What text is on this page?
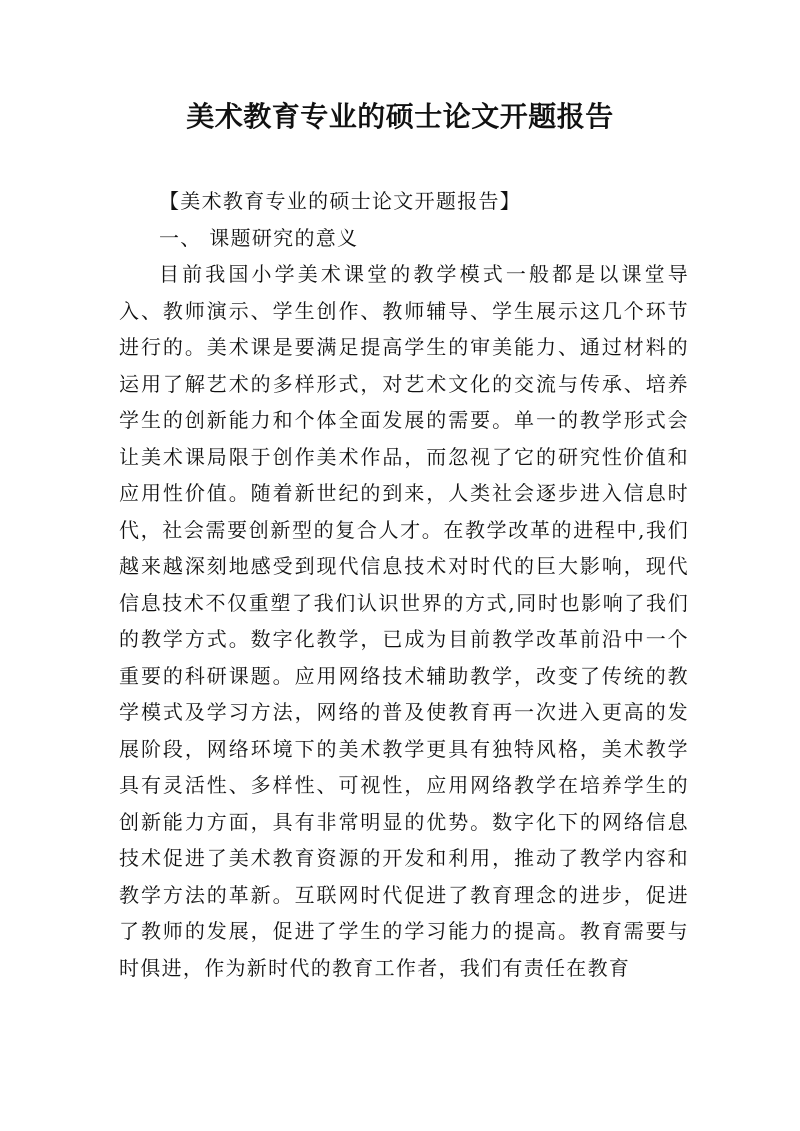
美术教育专业的硕士论文开题报告

【美术教育专业的硕士论文开题报告】

一、 课题研究的意义

目前我国小学美术课堂的教学模式一般都是以课堂导入、教师演示、学生创作、教师辅导、学生展示这几个环节进行的。美术课是要满足提高学生的审美能力、通过材料的运用了解艺术的多样形式，对艺术文化的交流与传承、培养学生的创新能力和个体全面发展的需要。单一的教学形式会让美术课局限于创作美术作品，而忽视了它的研究性价值和应用性价值。随着新世纪的到来，人类社会逐步进入信息时代，社会需要创新型的复合人才。在教学改革的进程中,我们越来越深刻地感受到现代信息技术对时代的巨大影响，现代信息技术不仅重塑了我们认识世界的方式,同时也影响了我们的教学方式。数字化教学，已成为目前教学改革前沿中一个重要的科研课题。应用网络技术辅助教学，改变了传统的教学模式及学习方法，网络的普及使教育再一次进入更高的发展阶段，网络环境下的美术教学更具有独特风格，美术教学具有灵活性、多样性、可视性，应用网络教学在培养学生的创新能力方面，具有非常明显的优势。数字化下的网络信息技术促进了美术教育资源的开发和利用，推动了教学内容和教学方法的革新。互联网时代促进了教育理念的进步，促进了教师的发展，促进了学生的学习能力的提高。教育需要与时俱进，作为新时代的教育工作者，我们有责任在教育
